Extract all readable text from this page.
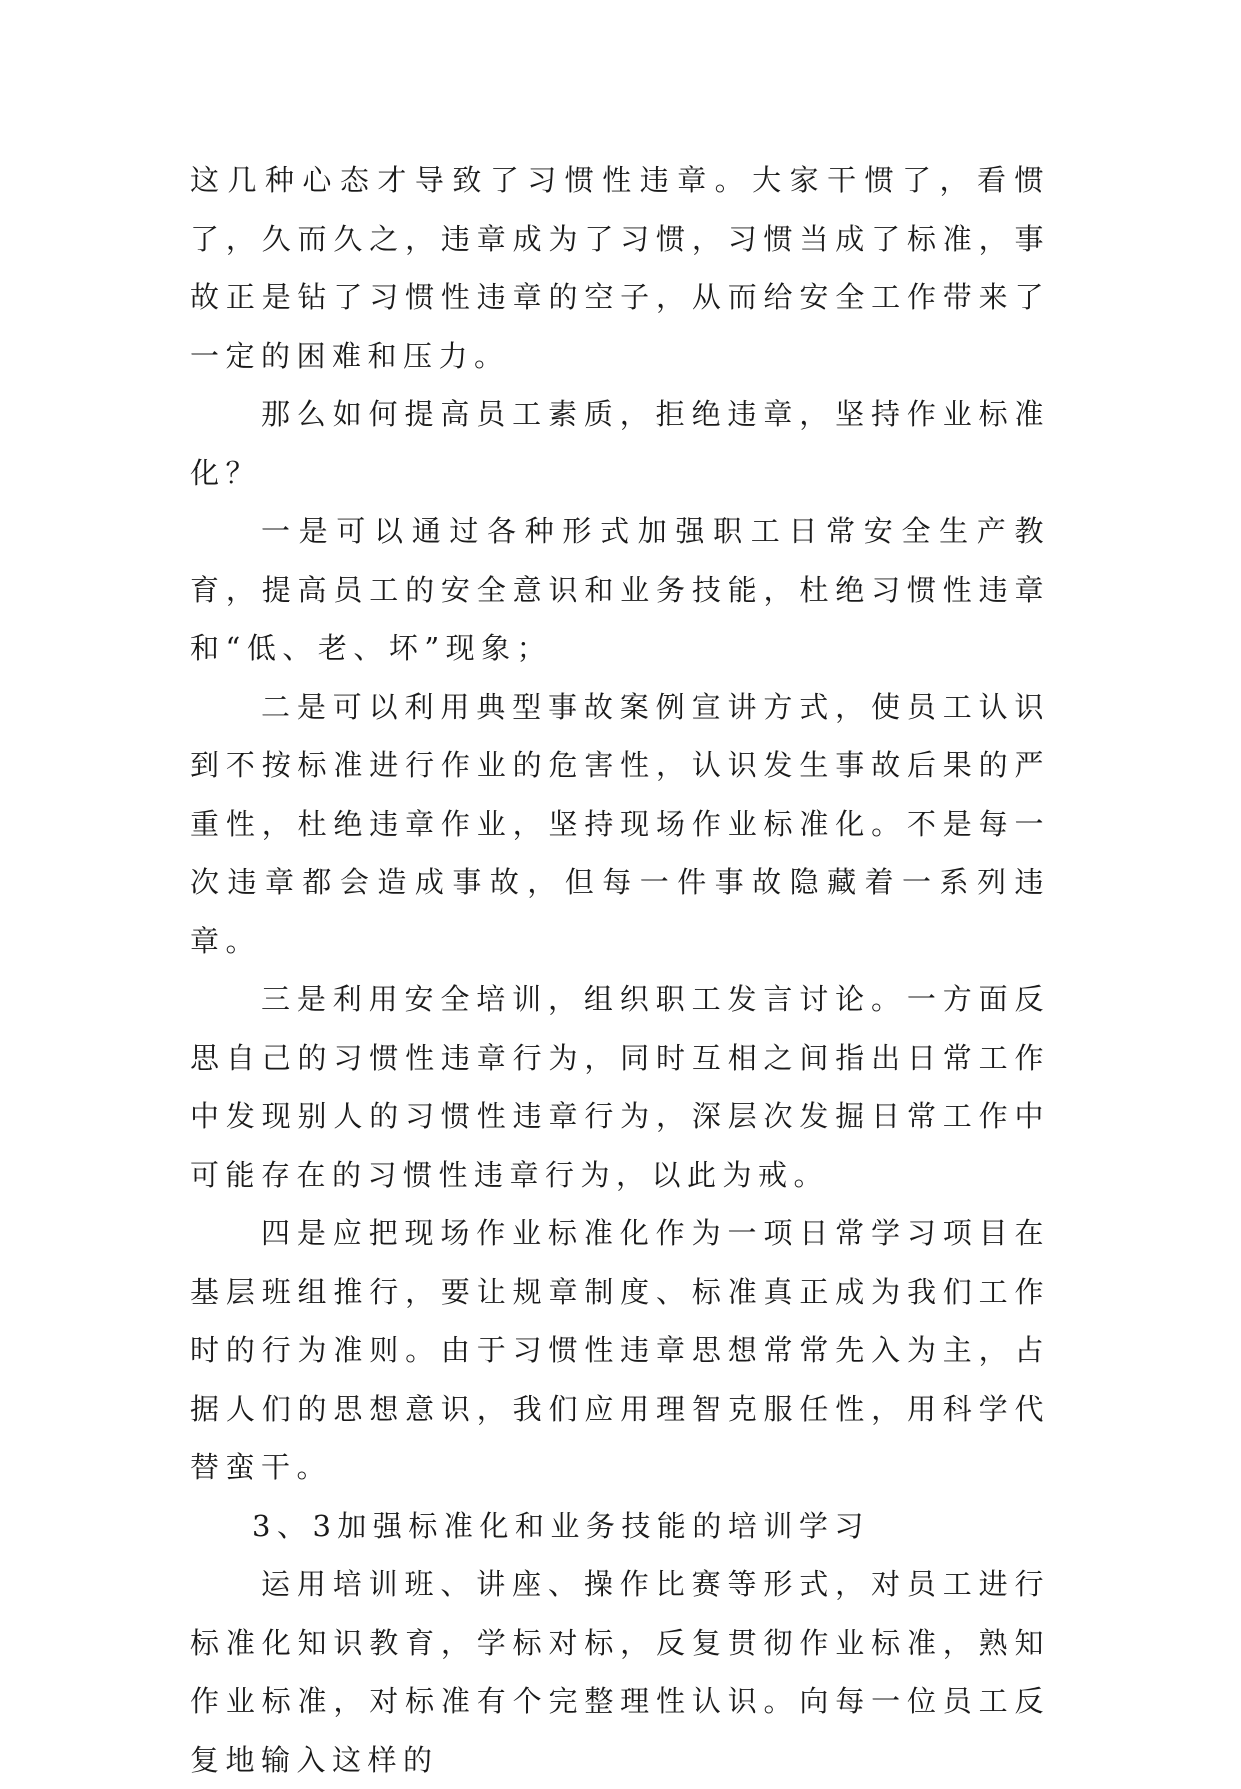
这几种心态才导致了习惯性违章。大家干惯了，看惯了，久而久之，违章成为了习惯，习惯当成了标准，事故正是钻了习惯性违章的空子，从而给安全工作带来了一定的困难和压力。

那么如何提高员工素质，拒绝违章，坚持作业标准化？

一是可以通过各种形式加强职工日常安全生产教育，提高员工的安全意识和业务技能，杜绝习惯性违章和“低、老、坏”现象；

二是可以利用典型事故案例宣讲方式，使员工认识到不按标准进行作业的危害性，认识发生事故后果的严重性，杜绝违章作业，坚持现场作业标准化。不是每一次违章都会造成事故，但每一件事故隐藏着一系列违章。

三是利用安全培训，组织职工发言讨论。一方面反思自己的习惯性违章行为，同时互相之间指出日常工作中发现别人的习惯性违章行为，深层次发掘日常工作中可能存在的习惯性违章行为，以此为戒。

四是应把现场作业标准化作为一项日常学习项目在基层班组推行，要让规章制度、标准真正成为我们工作时的行为准则。由于习惯性违章思想常常先入为主，占据人们的思想意识，我们应用理智克服任性，用科学代替蛮干。

3、3加强标准化和业务技能的培训学习

运用培训班、讲座、操作比赛等形式，对员工进行标准化知识教育，学标对标，反复贯彻作业标准，熟知作业标准，对标准有个完整理性认识。向每一位员工反复地输入这样的
